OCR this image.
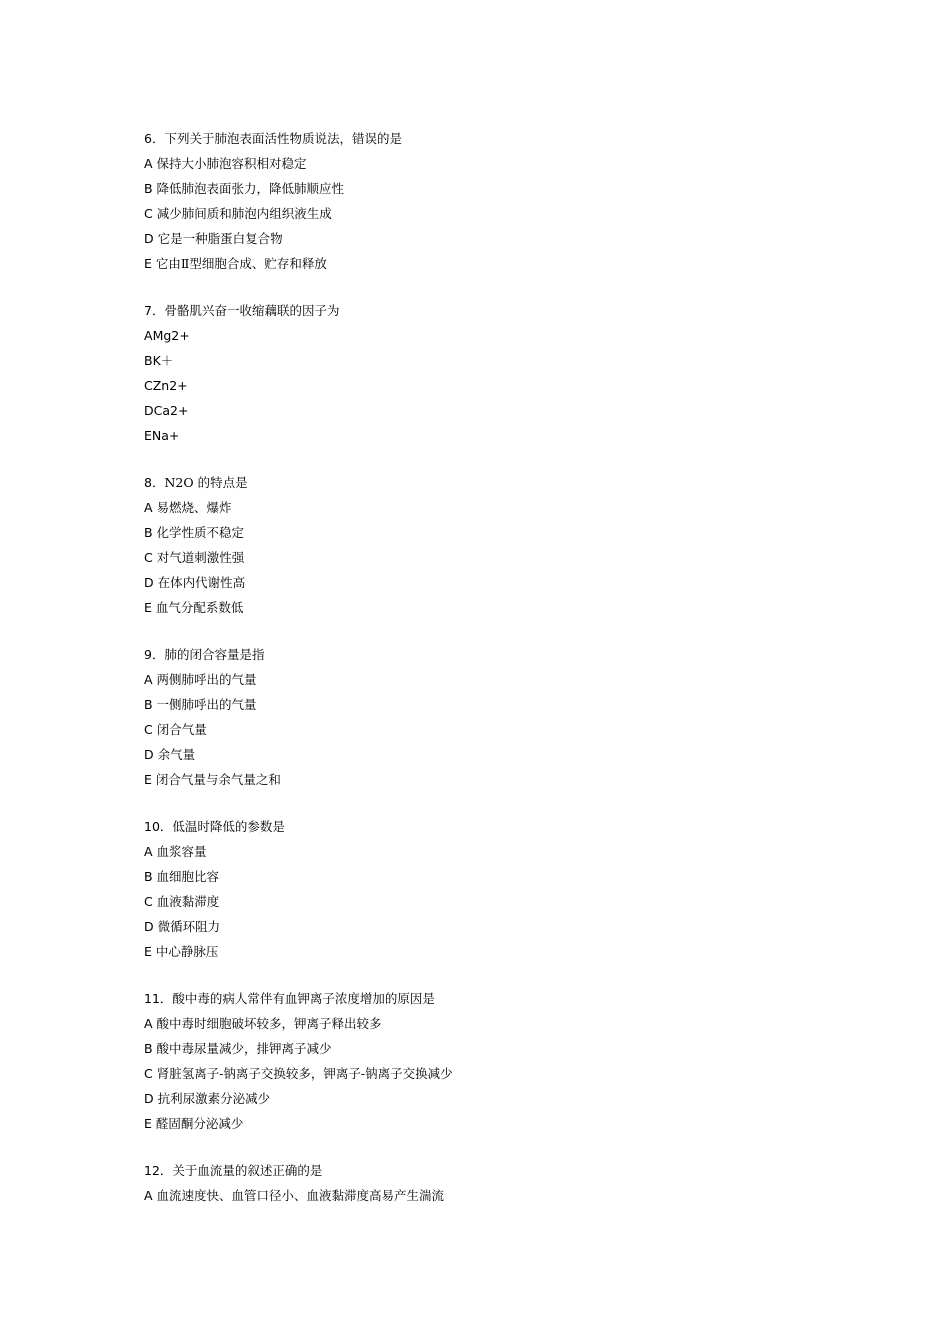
6．下列关于肺泡表面活性物质说法，错误的是
A 保持大小肺泡容积相对稳定
B 降低肺泡表面张力，降低肺顺应性
C 减少肺间质和肺泡内组织液生成
D 它是一种脂蛋白复合物
E 它由Ⅱ型细胞合成、贮存和释放
7．骨骼肌兴奋一收缩藕联的因子为
AMg2+
BK＋
CZn2+
DCa2+
ENa+
8．N2O 的特点是
A 易燃烧、爆炸
B 化学性质不稳定
C 对气道刺激性强
D 在体内代谢性高
E 血气分配系数低
9．肺的闭合容量是指
A 两侧肺呼出的气量
B 一侧肺呼出的气量
C 闭合气量
D 余气量
E 闭合气量与余气量之和
10．低温时降低的参数是
A 血浆容量
B 血细胞比容
C 血液黏滞度
D 微循环阻力
E 中心静脉压
11．酸中毒的病人常伴有血钾离子浓度增加的原因是
A 酸中毒时细胞破坏较多，钾离子释出较多
B 酸中毒尿量减少，排钾离子减少
C 肾脏氢离子-钠离子交换较多，钾离子-钠离子交换减少
D 抗利尿激素分泌减少
E 醛固酮分泌减少
12．关于血流量的叙述正确的是
A 血流速度快、血管口径小、血液黏滞度高易产生湍流
